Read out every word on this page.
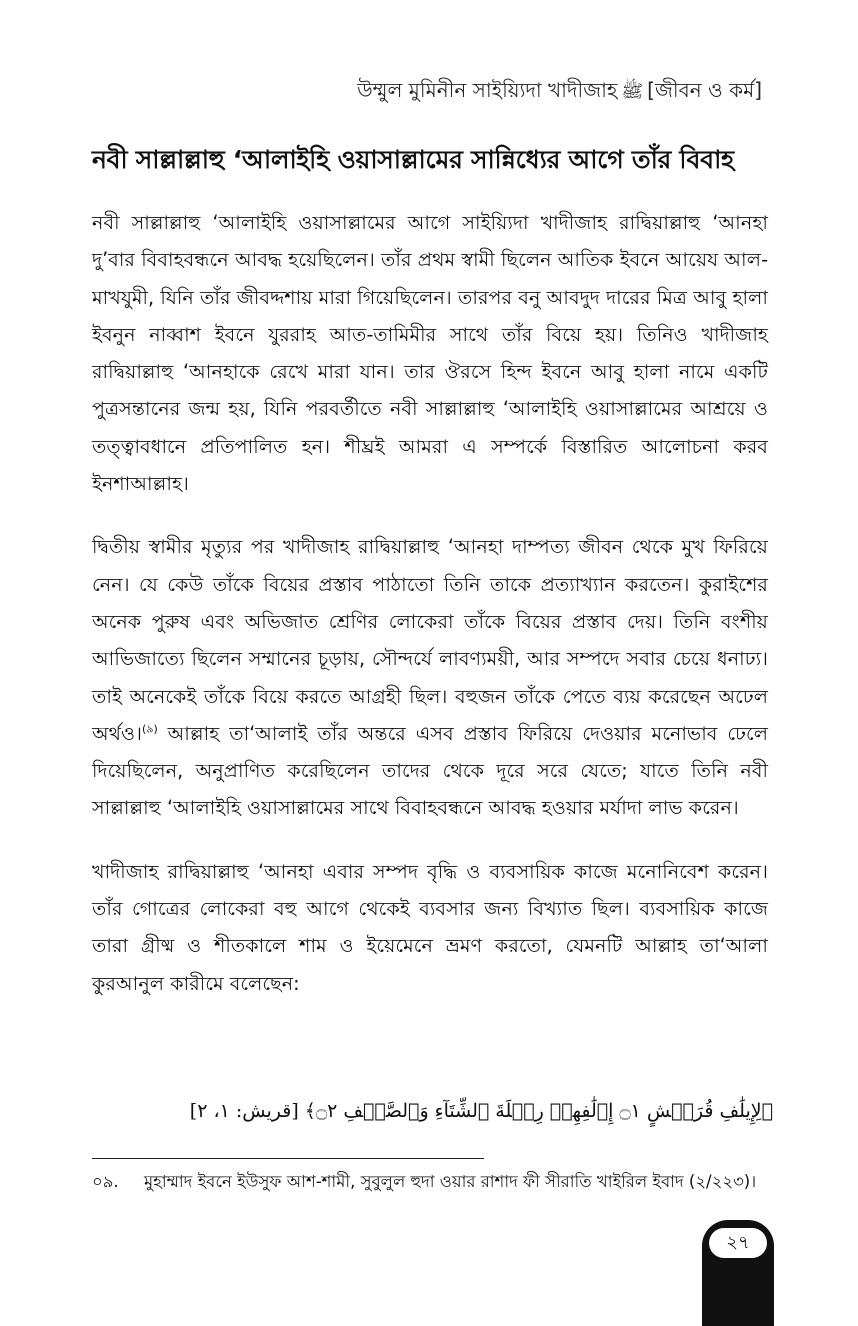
উম্মুল মুমিনীন সাইয়্যিদা খাদীজাহ ﷺ [জীবন ও কর্ম]
নবী সাল্লাল্লাহু ‘আলাইহি ওয়াসাল্লামের সান্নিধ্যের আগে তাঁর বিবাহ

নবী সাল্লাল্লাহু ‘আলাইহি ওয়াসাল্লামের আগে সাইয়্যিদা খাদীজাহ রাদ্বিয়াল্লাহু ‘আনহা দু’বার বিবাহবন্ধনে আবদ্ধ হয়েছিলেন। তাঁর প্রথম স্বামী ছিলেন আতিক ইবনে আয়েয আল-মাখযুমী, যিনি তাঁর জীবদ্দশায় মারা গিয়েছিলেন। তারপর বনু আবদুদ দারের মিত্র আবু হালা ইবনুন নাব্বাশ ইবনে যুররাহ আত-তামিমীর সাথে তাঁর বিয়ে হয়। তিনিও খাদীজাহ রাদ্বিয়াল্লাহু ‘আনহাকে রেখে মারা যান। তার ঔরসে হিন্দ ইবনে আবু হালা নামে একটি পুত্রসন্তানের জন্ম হয়, যিনি পরবর্তীতে নবী সাল্লাল্লাহু ‘আলাইহি ওয়াসাল্লামের আশ্রয়ে ও তত্ত্বাবধানে প্রতিপালিত হন। শীঘ্রই আমরা এ সম্পর্কে বিস্তারিত আলোচনা করব ইনশাআল্লাহ।

দ্বিতীয় স্বামীর মৃত্যুর পর খাদীজাহ রাদ্বিয়াল্লাহু ‘আনহা দাম্পত্য জীবন থেকে মুখ ফিরিয়ে নেন। যে কেউ তাঁকে বিয়ের প্রস্তাব পাঠাতো তিনি তাকে প্রত্যাখ্যান করতেন। কুরাইশের অনেক পুরুষ এবং অভিজাত শ্রেণির লোকেরা তাঁকে বিয়ের প্রস্তাব দেয়। তিনি বংশীয় আভিজাত্যে ছিলেন সম্মানের চূড়ায়, সৌন্দর্যে লাবণ্যময়ী, আর সম্পদে সবার চেয়ে ধনাঢ্য। তাই অনেকেই তাঁকে বিয়ে করতে আগ্রহী ছিল। বহুজন তাঁকে পেতে ব্যয় করেছেন অঢেল অর্থও।$^{(৯)}$ আল্লাহ তা‘আলাই তাঁর অন্তরে এসব প্রস্তাব ফিরিয়ে দেওয়ার মনোভাব ঢেলে দিয়েছিলেন, অনুপ্রাণিত করেছিলেন তাদের থেকে দূরে সরে যেতে; যাতে তিনি নবী সাল্লাল্লাহু ‘আলাইহি ওয়াসাল্লামের সাথে বিবাহবন্ধনে আবদ্ধ হওয়ার মর্যাদা লাভ করেন।

খাদীজাহ রাদ্বিয়াল্লাহু ‘আনহা এবার সম্পদ বৃদ্ধি ও ব্যবসায়িক কাজে মনোনিবেশ করেন। তাঁর গোত্রের লোকেরা বহু আগে থেকেই ব্যবসার জন্য বিখ্যাত ছিল। ব্যবসায়িক কাজে তারা গ্রীষ্ম ও শীতকালে শাম ও ইয়েমেনে ভ্রমণ করতো, যেমনটি আল্লাহ তা‘আলা কুরআনুল কারীমে বলেছেন:

﴿لِإِيلَٰفِ قُرَيۡشٍ ۝١ إِۦلَٰفِهِمۡ رِحۡلَةَ ٱلشِّتَآءِ وَٱلصَّيۡفِ ۝٢﴾ [قريش: ١، ٢]
০৯.	মুহাম্মাদ ইবনে ইউসুফ আশ-শামী, সুবুলুল হুদা ওয়ার রাশাদ ফী সীরাতি খাইরিল ইবাদ (২/২২৩)।
২৭
